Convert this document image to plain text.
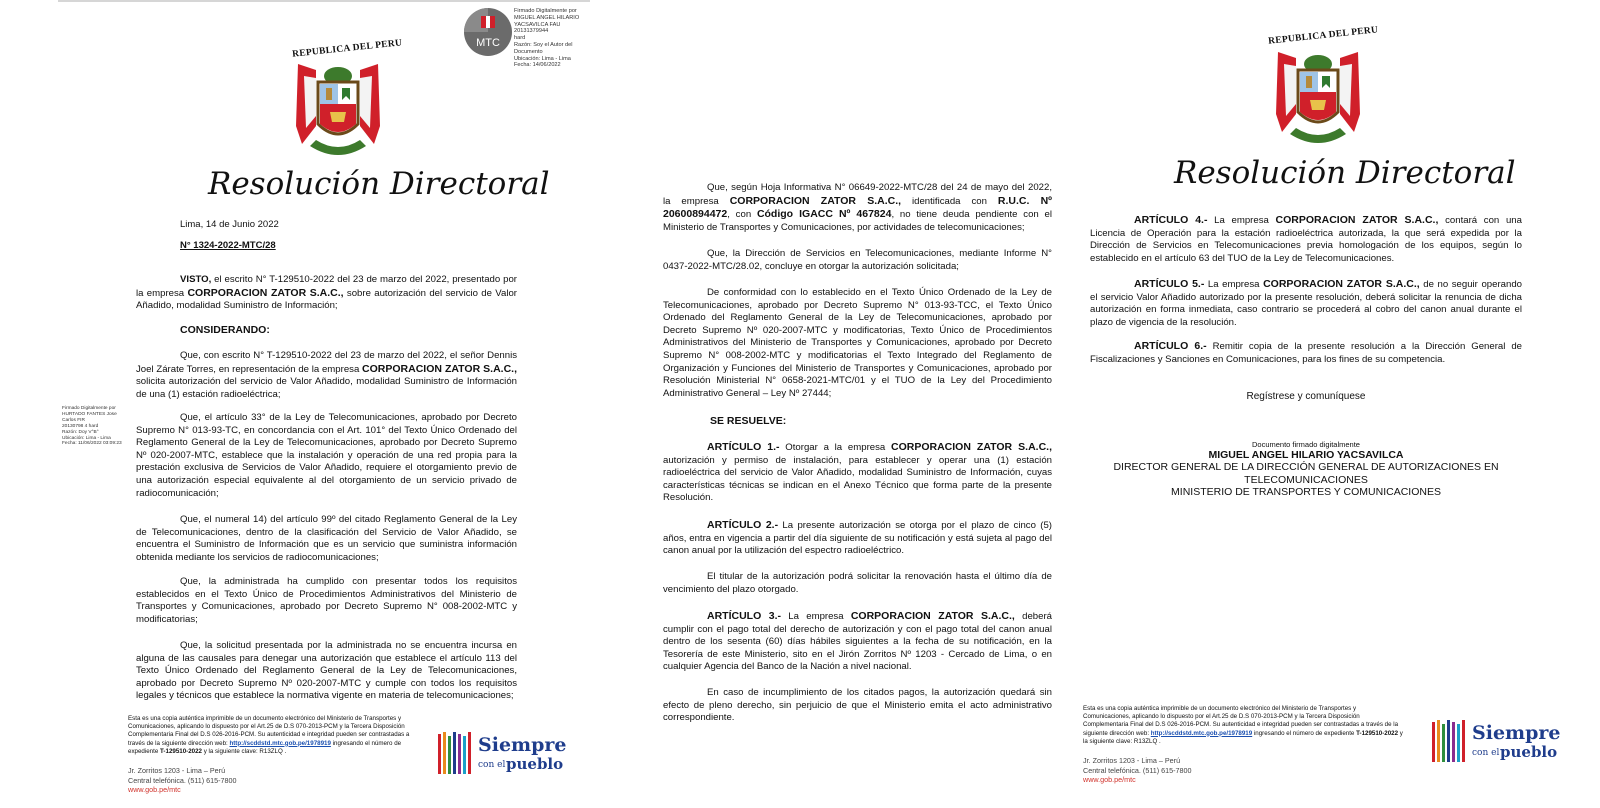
REPUBLICA DEL PERU
Resolución Directoral
MTC
Firmado Digitalmente por
MIGUEL ANGEL HILARIO
YACSAVILCA FAU 20131379944
hard
Razón: Soy el Autor del
Documento
Ubicación: Lima - Lima
Fecha: 14/06/2022
Firmado Digitalmente por
HURTADO FANTES Jose Carlos FIR
20130798 4 hard
Razón: Doy V°B°
Ubicación: Lima - Lima
Fecha: 11/06/2022 03:09:23
Lima, 14 de Junio 2022
N° 1324-2022-MTC/28
VISTO, el escrito N° T-129510-2022 del 23 de marzo del 2022, presentado por la empresa CORPORACION ZATOR S.A.C., sobre autorización del servicio de Valor Añadido, modalidad Suministro de Información;
CONSIDERANDO:
Que, con escrito N° T-129510-2022 del 23 de marzo del 2022, el señor Dennis Joel Zárate Torres, en representación de la empresa CORPORACION ZATOR S.A.C., solicita autorización del servicio de Valor Añadido, modalidad Suministro de Información de una (1) estación radioeléctrica;
Que, el artículo 33° de la Ley de Telecomunicaciones, aprobado por Decreto Supremo N° 013-93-TC, en concordancia con el Art. 101° del Texto Único Ordenado del Reglamento General de la Ley de Telecomunicaciones, aprobado por Decreto Supremo Nº 020-2007-MTC, establece que la instalación y operación de una red propia para la prestación exclusiva de Servicios de Valor Añadido, requiere el otorgamiento previo de una autorización especial equivalente al del otorgamiento de un servicio privado de radiocomunicación;
Que, el numeral 14) del artículo 99º del citado Reglamento General de la Ley de Telecomunicaciones, dentro de la clasificación del Servicio de Valor Añadido, se encuentra el Suministro de Información que es un servicio que suministra información obtenida mediante los servicios de radiocomunicaciones;
Que, la administrada ha cumplido con presentar todos los requisitos establecidos en el Texto Único de Procedimientos Administrativos del Ministerio de Transportes y Comunicaciones, aprobado por Decreto Supremo N° 008-2002-MTC y modificatorias;
Que, la solicitud presentada por la administrada no se encuentra incursa en alguna de las causales para denegar una autorización que establece el artículo 113 del Texto Único Ordenado del Reglamento General de la Ley de Telecomunicaciones, aprobado por Decreto Supremo Nº 020-2007-MTC y cumple con todos los requisitos legales y técnicos que establece la normativa vigente en materia de telecomunicaciones;
Esta es una copia auténtica imprimible de un documento electrónico del Ministerio de Transportes y Comunicaciones, aplicando lo dispuesto por el Art.25 de D.S 070-2013-PCM y la Tercera Disposición Complementaria Final del D.S 026-2016-PCM. Su autenticidad e integridad pueden ser contrastadas a través de la siguiente dirección web: http://scddstd.mtc.gob.pe/1978919 ingresando el número de expediente T-129510-2022 y la siguiente clave: R13ZLQ .
Jr. Zorritos 1203 - Lima – Perú
Central telefónica. (511) 615-7800
www.gob.pe/mtc
Siempre
con el pueblo
Que, según Hoja Informativa N° 06649-2022-MTC/28 del 24 de mayo del 2022, la empresa CORPORACION ZATOR S.A.C., identificada con R.U.C. Nº 20600894472, con Código IGACC Nº 467824, no tiene deuda pendiente con el Ministerio de Transportes y Comunicaciones, por actividades de telecomunicaciones;
Que, la Dirección de Servicios en Telecomunicaciones, mediante Informe N° 0437-2022-MTC/28.02, concluye en otorgar la autorización solicitada;
De conformidad con lo establecido en el Texto Único Ordenado de la Ley de Telecomunicaciones, aprobado por Decreto Supremo N° 013-93-TCC, el Texto Único Ordenado del Reglamento General de la Ley de Telecomunicaciones, aprobado por Decreto Supremo Nº 020-2007-MTC y modificatorias, Texto Único de Procedimientos Administrativos del Ministerio de Transportes y Comunicaciones, aprobado por Decreto Supremo N° 008-2002-MTC y modificatorias el Texto Integrado del Reglamento de Organización y Funciones del Ministerio de Transportes y Comunicaciones, aprobado por Resolución Ministerial N° 0658-2021-MTC/01 y el TUO de la Ley del Procedimiento Administrativo General – Ley Nº 27444;
SE RESUELVE:
ARTÍCULO 1.- Otorgar a la empresa CORPORACION ZATOR S.A.C., autorización y permiso de instalación, para establecer y operar una (1) estación radioeléctrica del servicio de Valor Añadido, modalidad Suministro de Información, cuyas características técnicas se indican en el Anexo Técnico que forma parte de la presente Resolución.
ARTÍCULO 2.- La presente autorización se otorga por el plazo de cinco (5) años, entra en vigencia a partir del día siguiente de su notificación y está sujeta al pago del canon anual por la utilización del espectro radioeléctrico.
El titular de la autorización podrá solicitar la renovación hasta el último día de vencimiento del plazo otorgado.
ARTÍCULO 3.- La empresa CORPORACION ZATOR S.A.C., deberá cumplir con el pago total del derecho de autorización y con el pago total del canon anual dentro de los sesenta (60) días hábiles siguientes a la fecha de su notificación, en la Tesorería de este Ministerio, sito en el Jirón Zorritos Nº 1203 - Cercado de Lima, o en cualquier Agencia del Banco de la Nación a nivel nacional.
En caso de incumplimiento de los citados pagos, la autorización quedará sin efecto de pleno derecho, sin perjuicio de que el Ministerio emita el acto administrativo correspondiente.
REPUBLICA DEL PERU
Resolución Directoral
ARTÍCULO 4.- La empresa CORPORACION ZATOR S.A.C., contará con una Licencia de Operación para la estación radioeléctrica autorizada, la que será expedida por la Dirección de Servicios en Telecomunicaciones previa homologación de los equipos, según lo establecido en el artículo 63 del TUO de la Ley de Telecomunicaciones.
ARTÍCULO 5.- La empresa CORPORACION ZATOR S.A.C., de no seguir operando el servicio Valor Añadido autorizado por la presente resolución, deberá solicitar la renuncia de dicha autorización en forma inmediata, caso contrario se procederá al cobro del canon anual durante el plazo de vigencia de la resolución.
ARTÍCULO 6.- Remitir copia de la presente resolución a la Dirección General de Fiscalizaciones y Sanciones en Comunicaciones, para los fines de su competencia.
Regístrese y comuníquese
Documento firmado digitalmente
MIGUEL ANGEL HILARIO YACSAVILCA
DIRECTOR GENERAL DE LA DIRECCIÓN GENERAL DE AUTORIZACIONES EN
TELECOMUNICACIONES
MINISTERIO DE TRANSPORTES Y COMUNICACIONES
Esta es una copia auténtica imprimible de un documento electrónico del Ministerio de Transportes y Comunicaciones, aplicando lo dispuesto por el Art.25 de D.S 070-2013-PCM y la Tercera Disposición Complementaria Final del D.S 026-2016-PCM. Su autenticidad e integridad pueden ser contrastadas a través de la siguiente dirección web: http://scddstd.mtc.gob.pe/1978919 ingresando el número de expediente T-129510-2022 y la siguiente clave: R13ZLQ .
Jr. Zorritos 1203 - Lima – Perú
Central telefónica. (511) 615-7800
www.gob.pe/mtc
Siempre
con el pueblo
